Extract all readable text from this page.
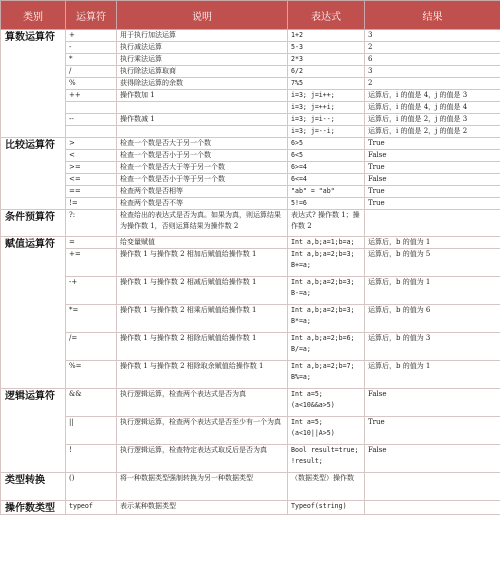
类别	运算符	说明	表达式	结果
算数运算符	+	用于执行加法运算	1+2	3
	-	执行减法运算	5-3	2
	*	执行乘法运算	2*3	6
	/	执行除法运算取商	6/2	3
	%	获得除法运算的余数	7%5	2
	++	操作数加 1	i=3; j=i++;	运算后，i 的值是 4，j 的值是 3
			i=3; j=++i;	运算后，i 的值是 4，j 的值是 4
	--	操作数减 1	i=3; j=i--;	运算后，i 的值是 2，j 的值是 3
			i=3; j=--i;	运算后，i 的值是 2，j 的值是 2
比较运算符	>	检查一个数是否大于另一个数	6>5	True
	<	检查一个数是否小于另一个数	6<5	False
	>=	检查一个数是否大于等于另一个数	6>=4	True
	<=	检查一个数是否小于等于另一个数	6<=4	False
	==	检查两个数是否相等	"ab" = "ab"	True
	!=	检查两个数是否不等	5!=6	True
条件预算符	?:	检查给出的表达式是否为真。如果为真，则运算结果为操作数 1，否则运算结果为操作数 2	表达式? 操作数 1；操作数 2	
赋值运算符	=	给变量赋值	Int a,b;a=1;b=a;	运算后，b 的值为 1
	+=	操作数 1 与操作数 2 相加后赋值给操作数 1	Int a,b;a=2;b=3; B+=a;	运算后，b 的值为 5
	-+	操作数 1 与操作数 2 相减后赋值给操作数 1	Int a,b;a=2;b=3; B-=a;	运算后，b 的值为 1
	*=	操作数 1 与操作数 2 相乘后赋值给操作数 1	Int a,b;a=2;b=3; B*=a;	运算后，b 的值为 6
	/=	操作数 1 与操作数 2 相除后赋值给操作数 1	Int a,b;a=2;b=6; B/=a;	运算后，b 的值为 3
	%=	操作数 1 与操作数 2 相除取余赋值给操作数 1	Int a,b;a=2;b=7; B%=a;	运算后，b 的值为 1
逻辑运算符	&&	执行逻辑运算，检查两个表达式是否为真	Int a=5; (a<10&&a>5)	False
	||	执行逻辑运算，检查两个表达式是否至少有一个为真	Int a=5; (a<10||A>5)	True
	!	执行逻辑运算，检查特定表达式取反后是否为真	Bool result=true; !result;	False
类型转换	()	将一种数据类型强制转换为另一种数据类型	（数据类型）操作数	
操作数类型	typeof	表示某种数据类型	Typeof(string)	
